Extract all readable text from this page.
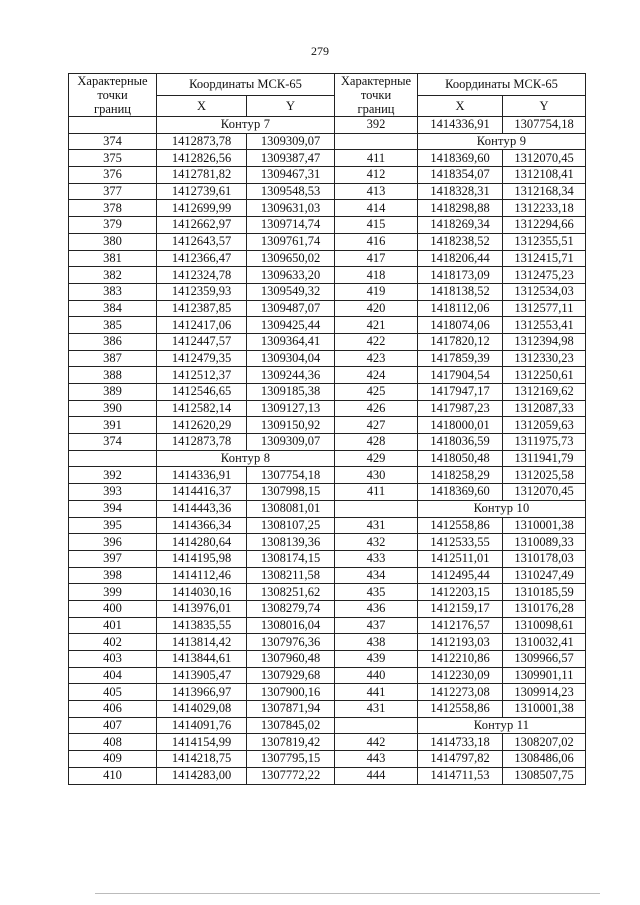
279
Характерные
точки
границ	Координаты МСК-65	
	X	Y
	Контур 7	
374	1412873,78	1309309,07
375	1412826,56	1309387,47
376	1412781,82	1309467,31
377	1412739,61	1309548,53
378	1412699,99	1309631,03
379	1412662,97	1309714,74
380	1412643,57	1309761,74
381	1412366,47	1309650,02
382	1412324,78	1309633,20
383	1412359,93	1309549,32
384	1412387,85	1309487,07
385	1412417,06	1309425,44
386	1412447,57	1309364,41
387	1412479,35	1309304,04
388	1412512,37	1309244,36
389	1412546,65	1309185,38
390	1412582,14	1309127,13
391	1412620,29	1309150,92
374	1412873,78	1309309,07
	Контур 8	
392	1414336,91	1307754,18
393	1414416,37	1307998,15
394	1414443,36	1308081,01
395	1414366,34	1308107,25
396	1414280,64	1308139,36
397	1414195,98	1308174,15
398	1414112,46	1308211,58
399	1414030,16	1308251,62
400	1413976,01	1308279,74
401	1413835,55	1308016,04
402	1413814,42	1307976,36
403	1413844,61	1307960,48
404	1413905,47	1307929,68
405	1413966,97	1307900,16
406	1414029,08	1307871,94
407	1414091,76	1307845,02
408	1414154,99	1307819,42
409	1414218,75	1307795,15
410	1414283,00	1307772,22
Характерные
точки
границ	Координаты МСК-65	
	X	Y
392	1414336,91	1307754,18
	Контур 9	
411	1418369,60	1312070,45
412	1418354,07	1312108,41
413	1418328,31	1312168,34
414	1418298,88	1312233,18
415	1418269,34	1312294,66
416	1418238,52	1312355,51
417	1418206,44	1312415,71
418	1418173,09	1312475,23
419	1418138,52	1312534,03
420	1418112,06	1312577,11
421	1418074,06	1312553,41
422	1417820,12	1312394,98
423	1417859,39	1312330,23
424	1417904,54	1312250,61
425	1417947,17	1312169,62
426	1417987,23	1312087,33
427	1418000,01	1312059,63
428	1418036,59	1311975,73
429	1418050,48	1311941,79
430	1418258,29	1312025,58
411	1418369,60	1312070,45
	Контур 10	
431	1412558,86	1310001,38
432	1412533,55	1310089,33
433	1412511,01	1310178,03
434	1412495,44	1310247,49
435	1412203,15	1310185,59
436	1412159,17	1310176,28
437	1412176,57	1310098,61
438	1412193,03	1310032,41
439	1412210,86	1309966,57
440	1412230,09	1309901,11
441	1412273,08	1309914,23
431	1412558,86	1310001,38
	Контур 11	
442	1414733,18	1308207,02
443	1414797,82	1308486,06
444	1414711,53	1308507,75
